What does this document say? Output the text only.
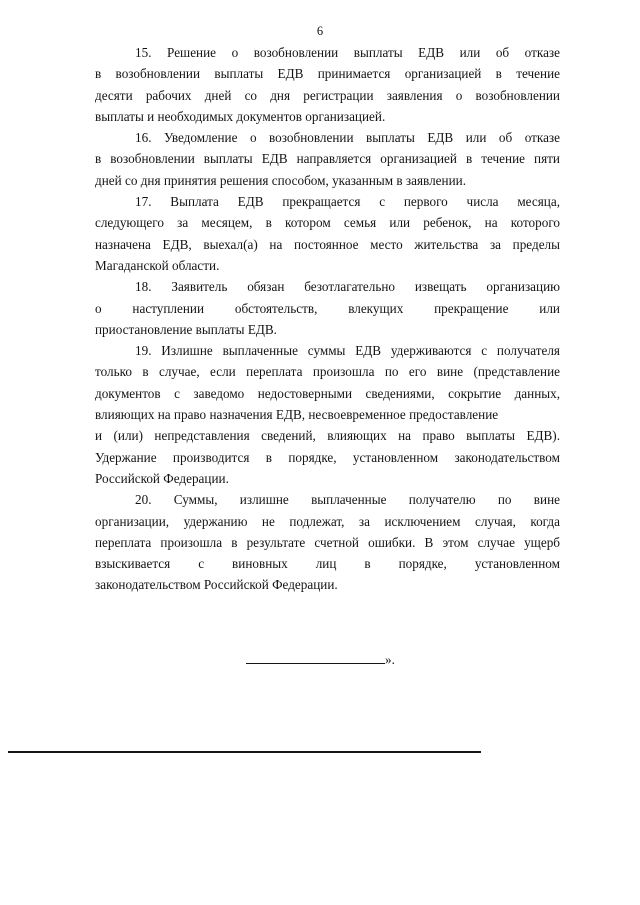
6

15. Решение о возобновлении выплаты ЕДВ или об отказе
в возобновлении выплаты ЕДВ принимается организацией в течение
десяти рабочих дней со дня регистрации заявления о возобновлении
выплаты и необходимых документов организацией.

16. Уведомление о возобновлении выплаты ЕДВ или об отказе
в возобновлении выплаты ЕДВ направляется организацией в течение пяти
дней со дня принятия решения способом, указанным в заявлении.

17. Выплата ЕДВ прекращается с первого числа месяца,
следующего за месяцем, в котором семья или ребенок, на которого
назначена ЕДВ, выехал(а) на постоянное место жительства за пределы
Магаданской области.

18. Заявитель обязан безотлагательно извещать организацию
о наступлении обстоятельств, влекущих прекращение или
приостановление выплаты ЕДВ.

19. Излишне выплаченные суммы ЕДВ удерживаются с получателя
только в случае, если переплата произошла по его вине (представление
документов с заведомо недостоверными сведениями, сокрытие данных,
влияющих на право назначения ЕДВ, несвоевременное предоставление
и (или) непредставления сведений, влияющих на право выплаты ЕДВ).
Удержание производится в порядке, установленном законодательством
Российской Федерации.

20. Суммы, излишне выплаченные получателю по вине
организации, удержанию не подлежат, за исключением случая, когда
переплата произошла в результате счетной ошибки. В этом случае ущерб
взыскивается с виновных лиц в порядке, установленном
законодательством Российской Федерации.

».
